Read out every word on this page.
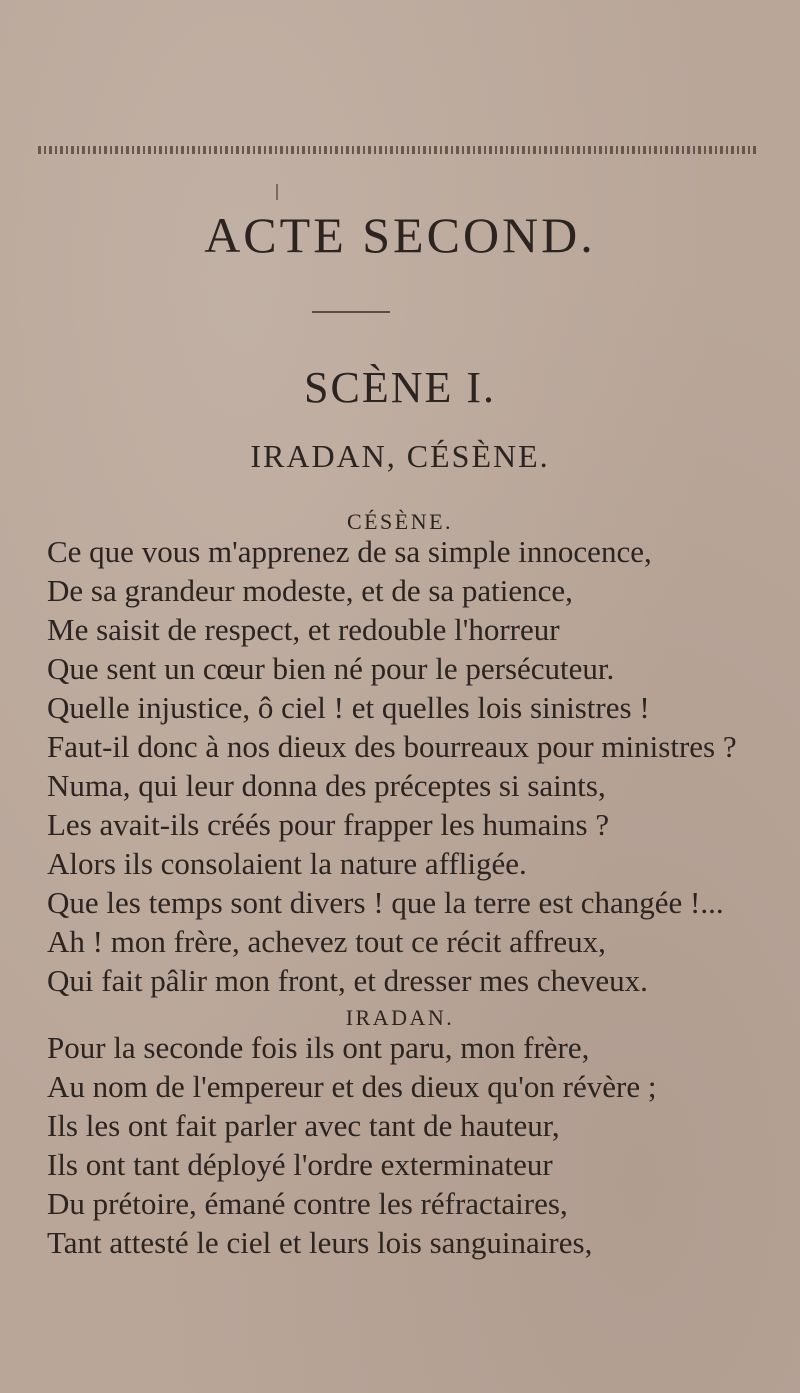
ACTE SECOND.
SCÈNE I.
IRADAN, CÉSÈNE.
CÉSÈNE.
Ce que vous m'apprenez de sa simple innocence,
De sa grandeur modeste, et de sa patience,
Me saisit de respect, et redouble l'horreur
Que sent un cœur bien né pour le persécuteur.
Quelle injustice, ô ciel ! et quelles lois sinistres !
Faut-il donc à nos dieux des bourreaux pour ministres ?
Numa, qui leur donna des préceptes si saints,
Les avait-ils créés pour frapper les humains ?
Alors ils consolaient la nature affligée.
Que les temps sont divers ! que la terre est changée !...
Ah ! mon frère, achevez tout ce récit affreux,
Qui fait pâlir mon front, et dresser mes cheveux.
IRADAN.
Pour la seconde fois ils ont paru, mon frère,
Au nom de l'empereur et des dieux qu'on révère ;
Ils les ont fait parler avec tant de hauteur,
Ils ont tant déployé l'ordre exterminateur
Du prétoire, émané contre les réfractaires,
Tant attesté le ciel et leurs lois sanguinaires,
